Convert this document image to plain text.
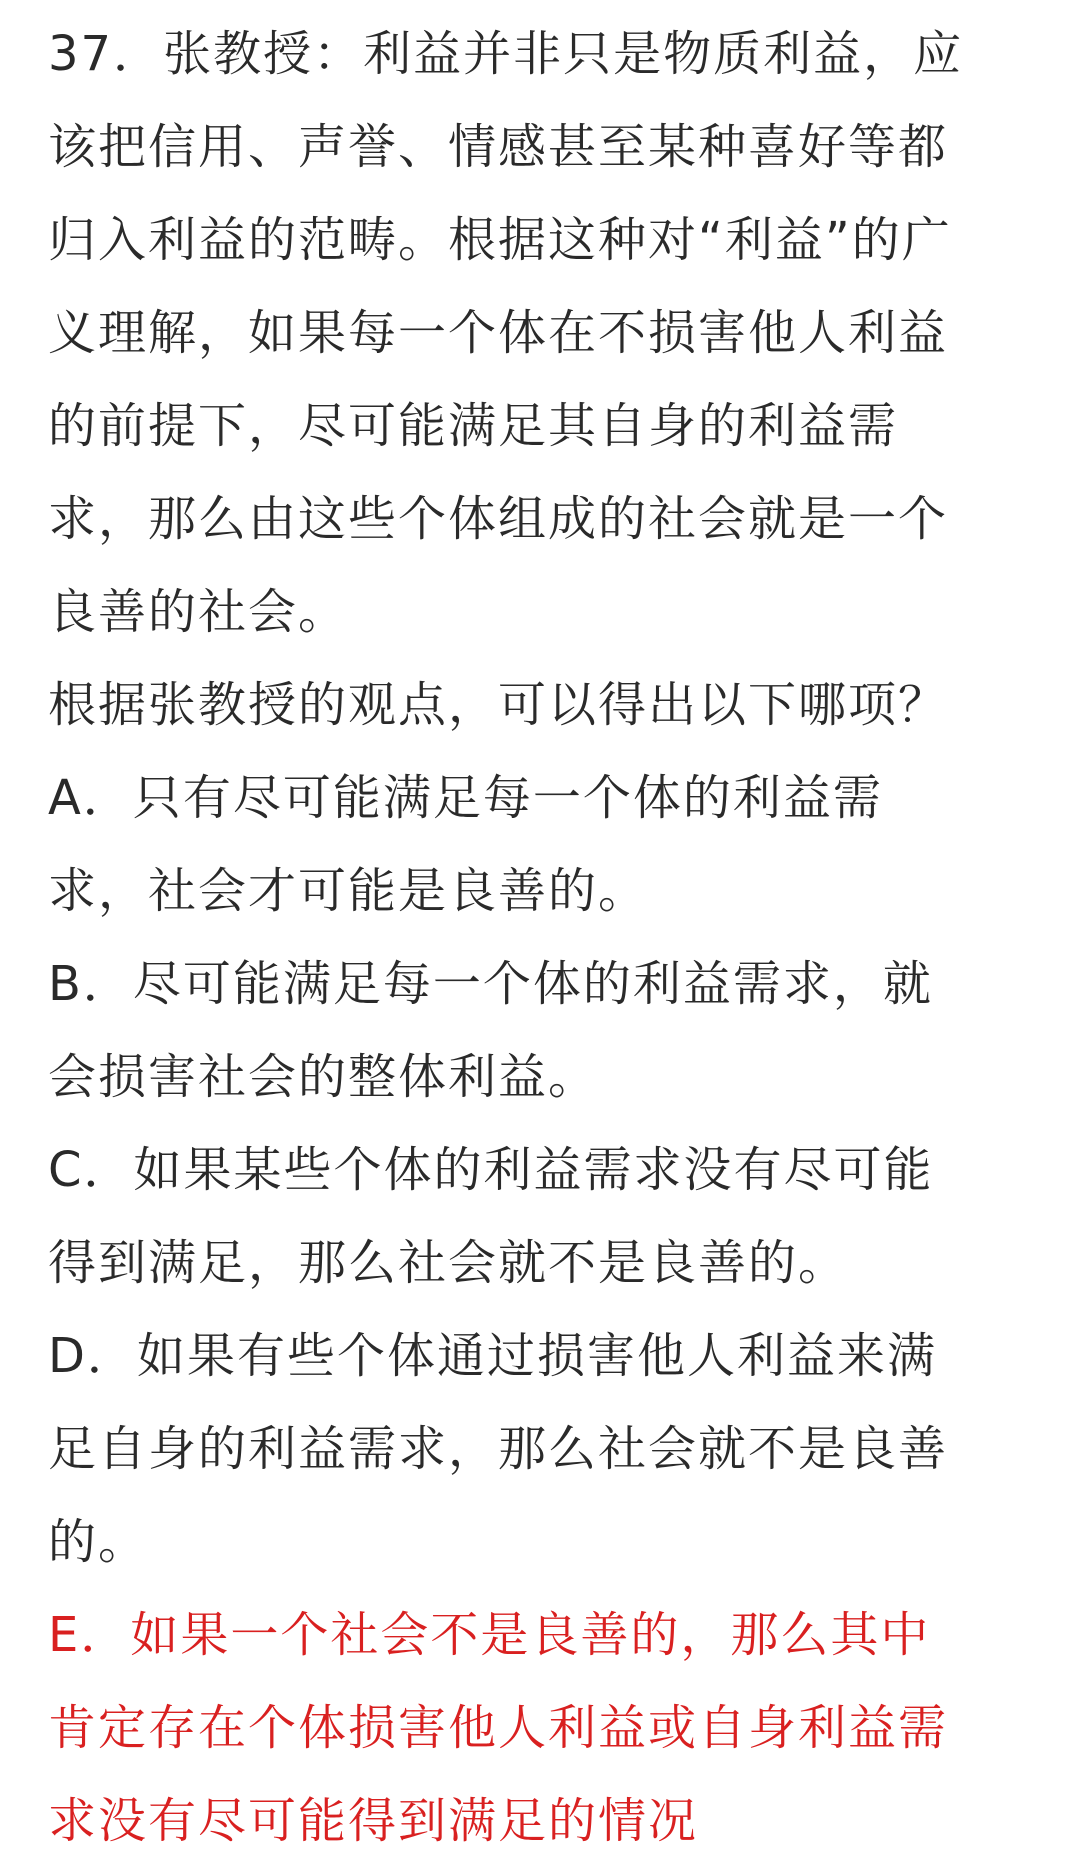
37．张教授：利益并非只是物质利益，应
该把信用、声誉、情感甚至某种喜好等都
归入利益的范畴。根据这种对“利益”的广
义理解，如果每一个体在不损害他人利益
的前提下，尽可能满足其自身的利益需
求，那么由这些个体组成的社会就是一个
良善的社会。
根据张教授的观点，可以得出以下哪项？
A．只有尽可能满足每一个体的利益需
求，社会才可能是良善的。
B．尽可能满足每一个体的利益需求，就
会损害社会的整体利益。
C．如果某些个体的利益需求没有尽可能
得到满足，那么社会就不是良善的。
D．如果有些个体通过损害他人利益来满
足自身的利益需求，那么社会就不是良善
的。
E．如果一个社会不是良善的，那么其中
肯定存在个体损害他人利益或自身利益需
求没有尽可能得到满足的情况
